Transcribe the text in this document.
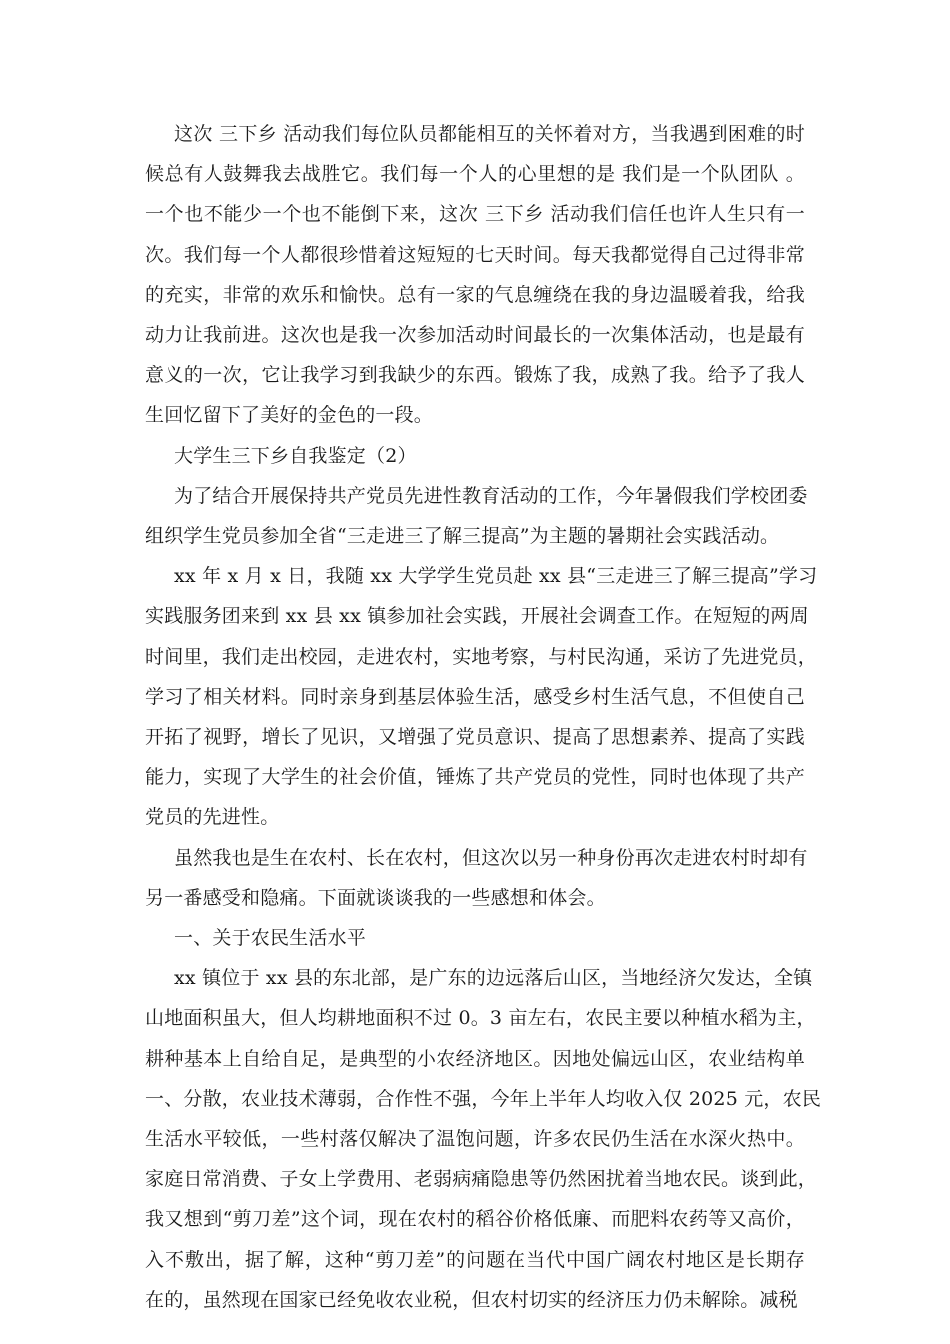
这次 三下乡 活动我们每位队员都能相互的关怀着对方，当我遇到困难的时
候总有人鼓舞我去战胜它。我们每一个人的心里想的是 我们是一个队团队 。
一个也不能少一个也不能倒下来，这次 三下乡 活动我们信任也许人生只有一
次。我们每一个人都很珍惜着这短短的七天时间。每天我都觉得自己过得非常
的充实，非常的欢乐和愉快。总有一家的气息缠绕在我的身边温暖着我，给我
动力让我前进。这次也是我一次参加活动时间最长的一次集体活动，也是最有
意义的一次，它让我学习到我缺少的东西。锻炼了我，成熟了我。给予了我人
生回忆留下了美好的金色的一段。
大学生三下乡自我鉴定（2）
为了结合开展保持共产党员先进性教育活动的工作，今年暑假我们学校团委
组织学生党员参加全省“三走进三了解三提高”为主题的暑期社会实践活动。
xx 年 x 月 x 日，我随 xx 大学学生党员赴 xx 县“三走进三了解三提高”学习
实践服务团来到 xx 县 xx 镇参加社会实践，开展社会调查工作。在短短的两周
时间里，我们走出校园，走进农村，实地考察，与村民沟通，采访了先进党员，
学习了相关材料。同时亲身到基层体验生活，感受乡村生活气息，不但使自己
开拓了视野，增长了见识，又增强了党员意识、提高了思想素养、提高了实践
能力，实现了大学生的社会价值，锤炼了共产党员的党性，同时也体现了共产
党员的先进性。
虽然我也是生在农村、长在农村，但这次以另一种身份再次走进农村时却有
另一番感受和隐痛。下面就谈谈我的一些感想和体会。
一、关于农民生活水平
xx 镇位于 xx 县的东北部，是广东的边远落后山区，当地经济欠发达，全镇
山地面积虽大，但人均耕地面积不过 0。3 亩左右，农民主要以种植水稻为主，
耕种基本上自给自足，是典型的小农经济地区。因地处偏远山区，农业结构单
一、分散，农业技术薄弱，合作性不强，今年上半年人均收入仅 2025 元，农民
生活水平较低，一些村落仅解决了温饱问题，许多农民仍生活在水深火热中。
家庭日常消费、子女上学费用、老弱病痛隐患等仍然困扰着当地农民。谈到此，
我又想到“剪刀差”这个词，现在农村的稻谷价格低廉、而肥料农药等又高价，
入不敷出，据了解，这种“剪刀差”的问题在当代中国广阔农村地区是长期存
在的，虽然现在国家已经免收农业税，但农村切实的经济压力仍未解除。减税
